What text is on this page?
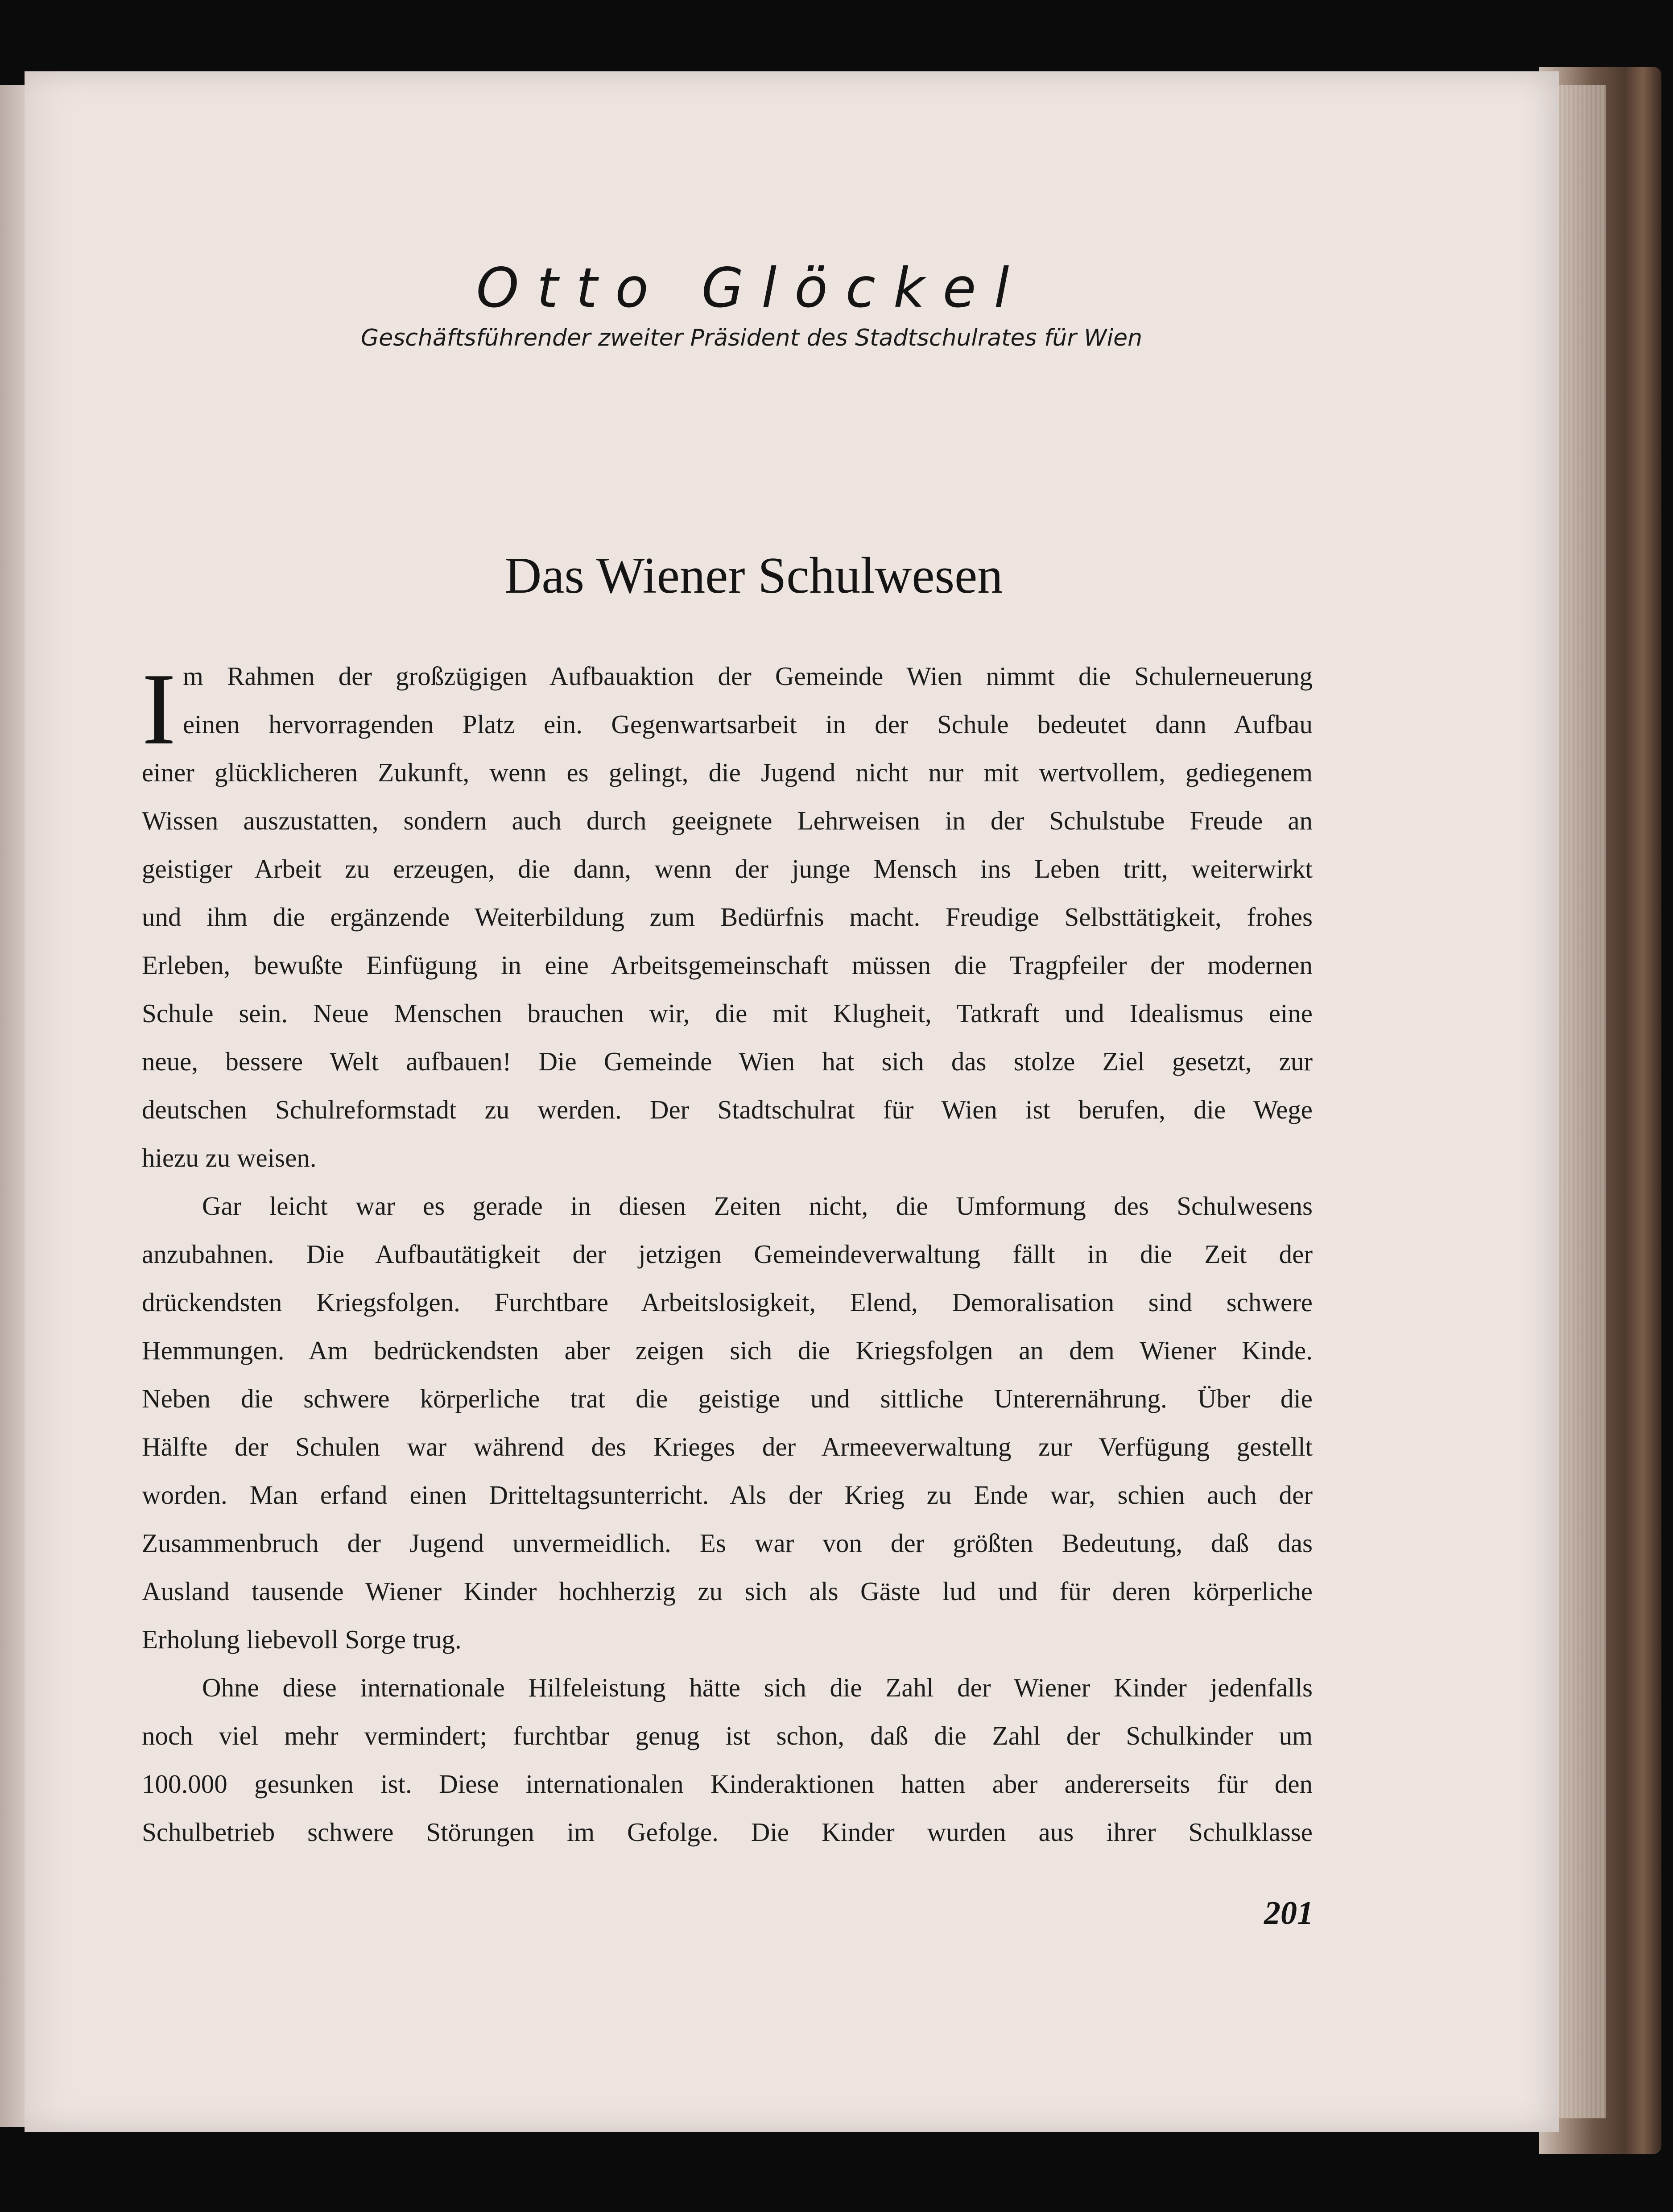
Otto Glöckel
Geschäftsführender zweiter Präsident des Stadtschulrates für Wien
Das Wiener Schulwesen
I m Rahmen der großzügigen Aufbauaktion der Gemeinde Wien nimmt die Schulerneuerung
einen hervorragenden Platz ein. Gegenwartsarbeit in der Schule bedeutet dann Aufbau
einer glücklicheren Zukunft, wenn es gelingt, die Jugend nicht nur mit wertvollem, gediegenem
Wissen auszustatten, sondern auch durch geeignete Lehrweisen in der Schulstube Freude an
geistiger Arbeit zu erzeugen, die dann, wenn der junge Mensch ins Leben tritt, weiterwirkt
und ihm die ergänzende Weiterbildung zum Bedürfnis macht. Freudige Selbsttätigkeit, frohes
Erleben, bewußte Einfügung in eine Arbeitsgemeinschaft müssen die Tragpfeiler der modernen
Schule sein. Neue Menschen brauchen wir, die mit Klugheit, Tatkraft und Idealismus eine
neue, bessere Welt aufbauen! Die Gemeinde Wien hat sich das stolze Ziel gesetzt, zur
deutschen Schulreformstadt zu werden. Der Stadtschulrat für Wien ist berufen, die Wege
hiezu zu weisen.
Gar leicht war es gerade in diesen Zeiten nicht, die Umformung des Schulwesens
anzubahnen. Die Aufbautätigkeit der jetzigen Gemeindeverwaltung fällt in die Zeit der
drückendsten Kriegsfolgen. Furchtbare Arbeitslosigkeit, Elend, Demoralisation sind schwere
Hemmungen. Am bedrückendsten aber zeigen sich die Kriegsfolgen an dem Wiener Kinde.
Neben die schwere körperliche trat die geistige und sittliche Unterernährung. Über die
Hälfte der Schulen war während des Krieges der Armeeverwaltung zur Verfügung gestellt
worden. Man erfand einen Dritteltagsunterricht. Als der Krieg zu Ende war, schien auch der
Zusammenbruch der Jugend unvermeidlich. Es war von der größten Bedeutung, daß das
Ausland tausende Wiener Kinder hochherzig zu sich als Gäste lud und für deren körperliche
Erholung liebevoll Sorge trug.
Ohne diese internationale Hilfeleistung hätte sich die Zahl der Wiener Kinder jedenfalls
noch viel mehr vermindert; furchtbar genug ist schon, daß die Zahl der Schulkinder um
100.000 gesunken ist. Diese internationalen Kinderaktionen hatten aber andererseits für den
Schulbetrieb schwere Störungen im Gefolge. Die Kinder wurden aus ihrer Schulklasse
201
